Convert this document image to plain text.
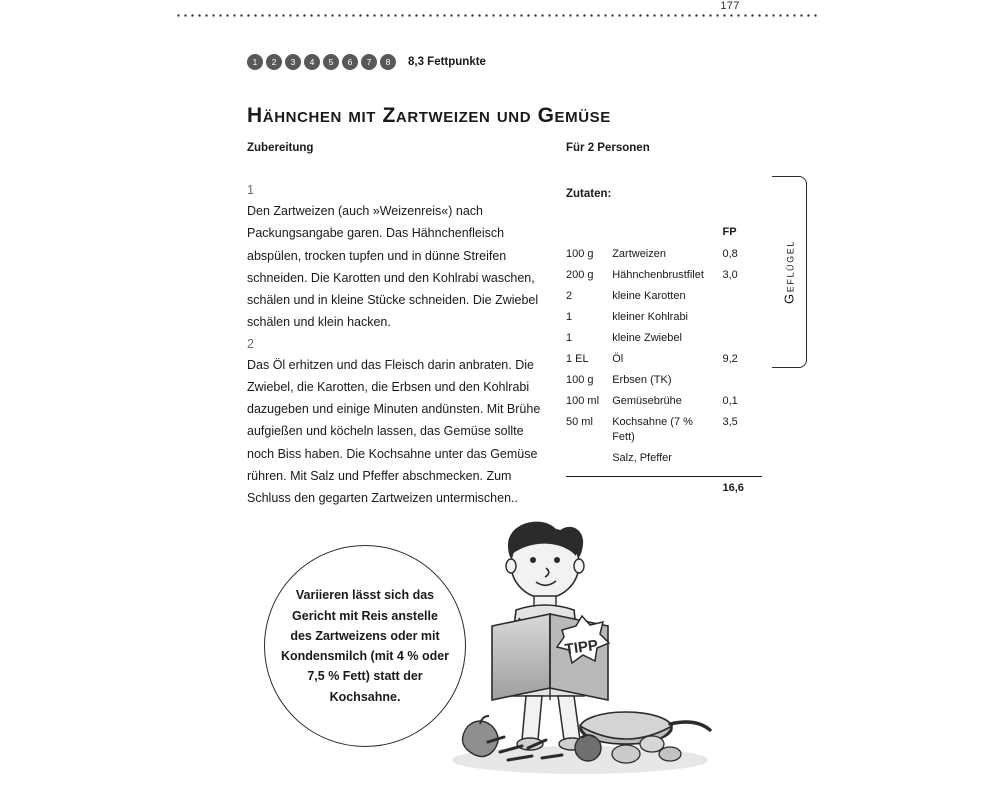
177
1	2	3	4	5	6	7	8	8,3 Fettpunkte
Hähnchen mit Zartweizen und Gemüse
Zubereitung
1

Den Zartweizen (auch »Weizenreis«) nach Packungsangabe garen. Das Hähnchenfleisch abspülen, trocken tupfen und in dünne Streifen schneiden. Die Karotten und den Kohlrabi waschen, schälen und in kleine Stücke schneiden. Die Zwiebel schälen und klein hacken.

2

Das Öl erhitzen und das Fleisch darin anbraten. Die Zwiebel, die Karotten, die Erbsen und den Kohlrabi dazugeben und einige Minuten andünsten. Mit Brühe aufgießen und köcheln lassen, das Gemüse sollte noch Biss haben. Die Kochsahne unter das Gemüse rühren. Mit Salz und Pfeffer abschmecken. Zum Schluss den gegarten Zartweizen untermischen..

Für 2 Personen
Zutaten:
		FP
100 g	Zartweizen	0,8
200 g	Hähnchenbrustfilet	3,0
2	kleine Karotten	
1	kleiner Kohlrabi	
1	kleine Zwiebel	
1 EL	Öl	9,2
100 g	Erbsen (TK)	
100 ml	Gemüsebrühe	0,1
50 ml	Kochsahne (7 % Fett)	3,5
	Salz, Pfeffer	

		16,6
Geflügel

Variieren lässt sich das Gericht mit Reis anstelle des Zartweizens oder mit Kondensmilch (mit 4 % oder 7,5 % Fett) statt der Kochsahne.

TIPP
